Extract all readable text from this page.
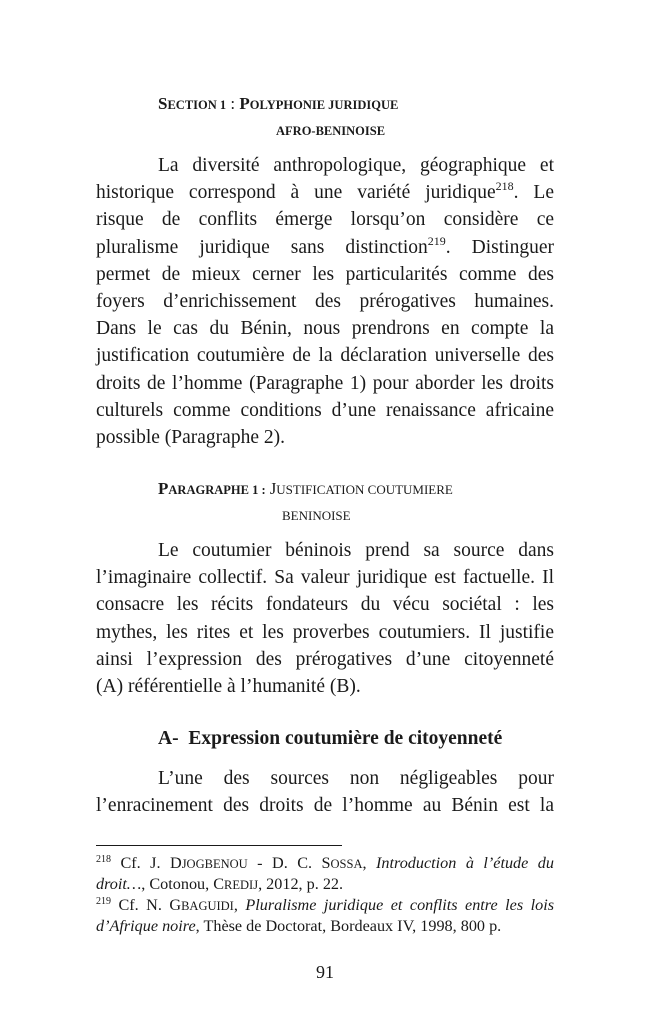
SECTION 1 : POLYPHONIE JURIDIQUE
AFRO-BENINOISE
La diversité anthropologique, géographique et
historique correspond à une variété juridique$^{218}$. Le
risque de conflits émerge lorsqu’on considère ce
pluralisme juridique sans distinction$^{219}$. Distinguer
permet de mieux cerner les particularités comme des
foyers d’enrichissement des prérogatives humaines.
Dans le cas du Bénin, nous prendrons en compte la
justification coutumière de la déclaration universelle des
droits de l’homme (Paragraphe 1) pour aborder les droits
culturels comme conditions d’une renaissance africaine
possible (Paragraphe 2).
PARAGRAPHE 1 : JUSTIFICATION COUTUMIERE
BENINOISE
Le coutumier béninois prend sa source dans
l’imaginaire collectif. Sa valeur juridique est factuelle. Il
consacre les récits fondateurs du vécu sociétal : les
mythes, les rites et les proverbes coutumiers. Il justifie
ainsi l’expression des prérogatives d’une citoyenneté
(A) référentielle à l’humanité (B).
A-  Expression coutumière de citoyenneté
L’une des sources non négligeables pour
l’enracinement des droits de l’homme au Bénin est la
$^{218}$ Cf. J. DJOGBENOU - D. C. SOSSA, Introduction à l’étude du
droit…, Cotonou, CREDIJ, 2012, p. 22.
$^{219}$ Cf. N. GBAGUIDI, Pluralisme juridique et conflits entre les lois
d’Afrique noire, Thèse de Doctorat, Bordeaux IV, 1998, 800 p.
91
